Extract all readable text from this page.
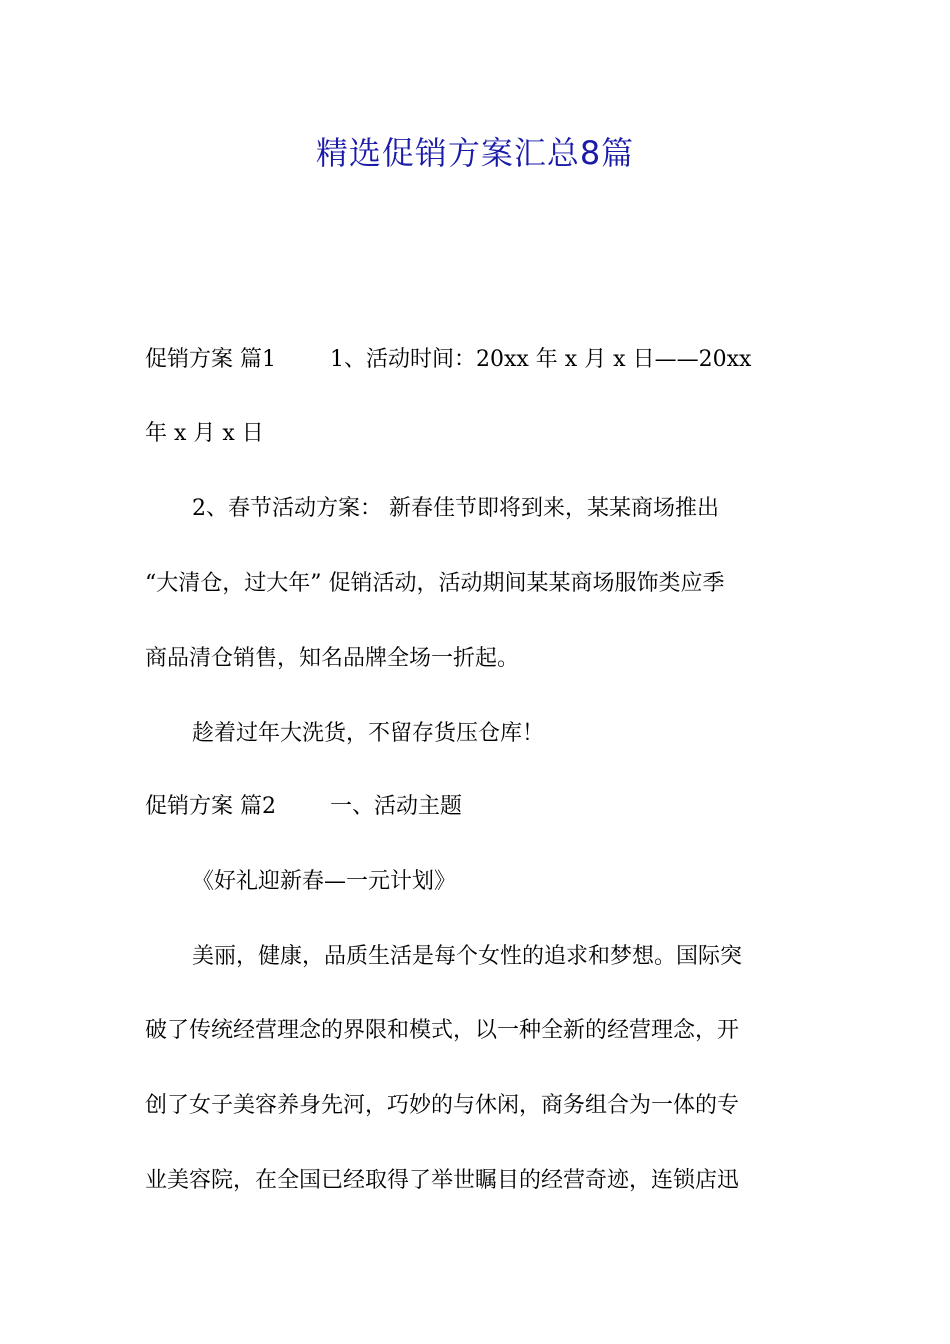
精选促销方案汇总8篇
促销方案 篇1 1、活动时间：20xx 年 x 月 x 日——20xx
年 x 月 x 日
2、春节活动方案： 新春佳节即将到来，某某商场推出
“大清仓，过大年” 促销活动，活动期间某某商场服饰类应季
商品清仓销售，知名品牌全场一折起。
趁着过年大洗货，不留存货压仓库！
促销方案 篇2 一、活动主题
《好礼迎新春—一元计划》
美丽，健康，品质生活是每个女性的追求和梦想。国际突
破了传统经营理念的界限和模式，以一种全新的经营理念，开
创了女子美容养身先河，巧妙的与休闲，商务组合为一体的专
业美容院，在全国已经取得了举世瞩目的经营奇迹，连锁店迅
